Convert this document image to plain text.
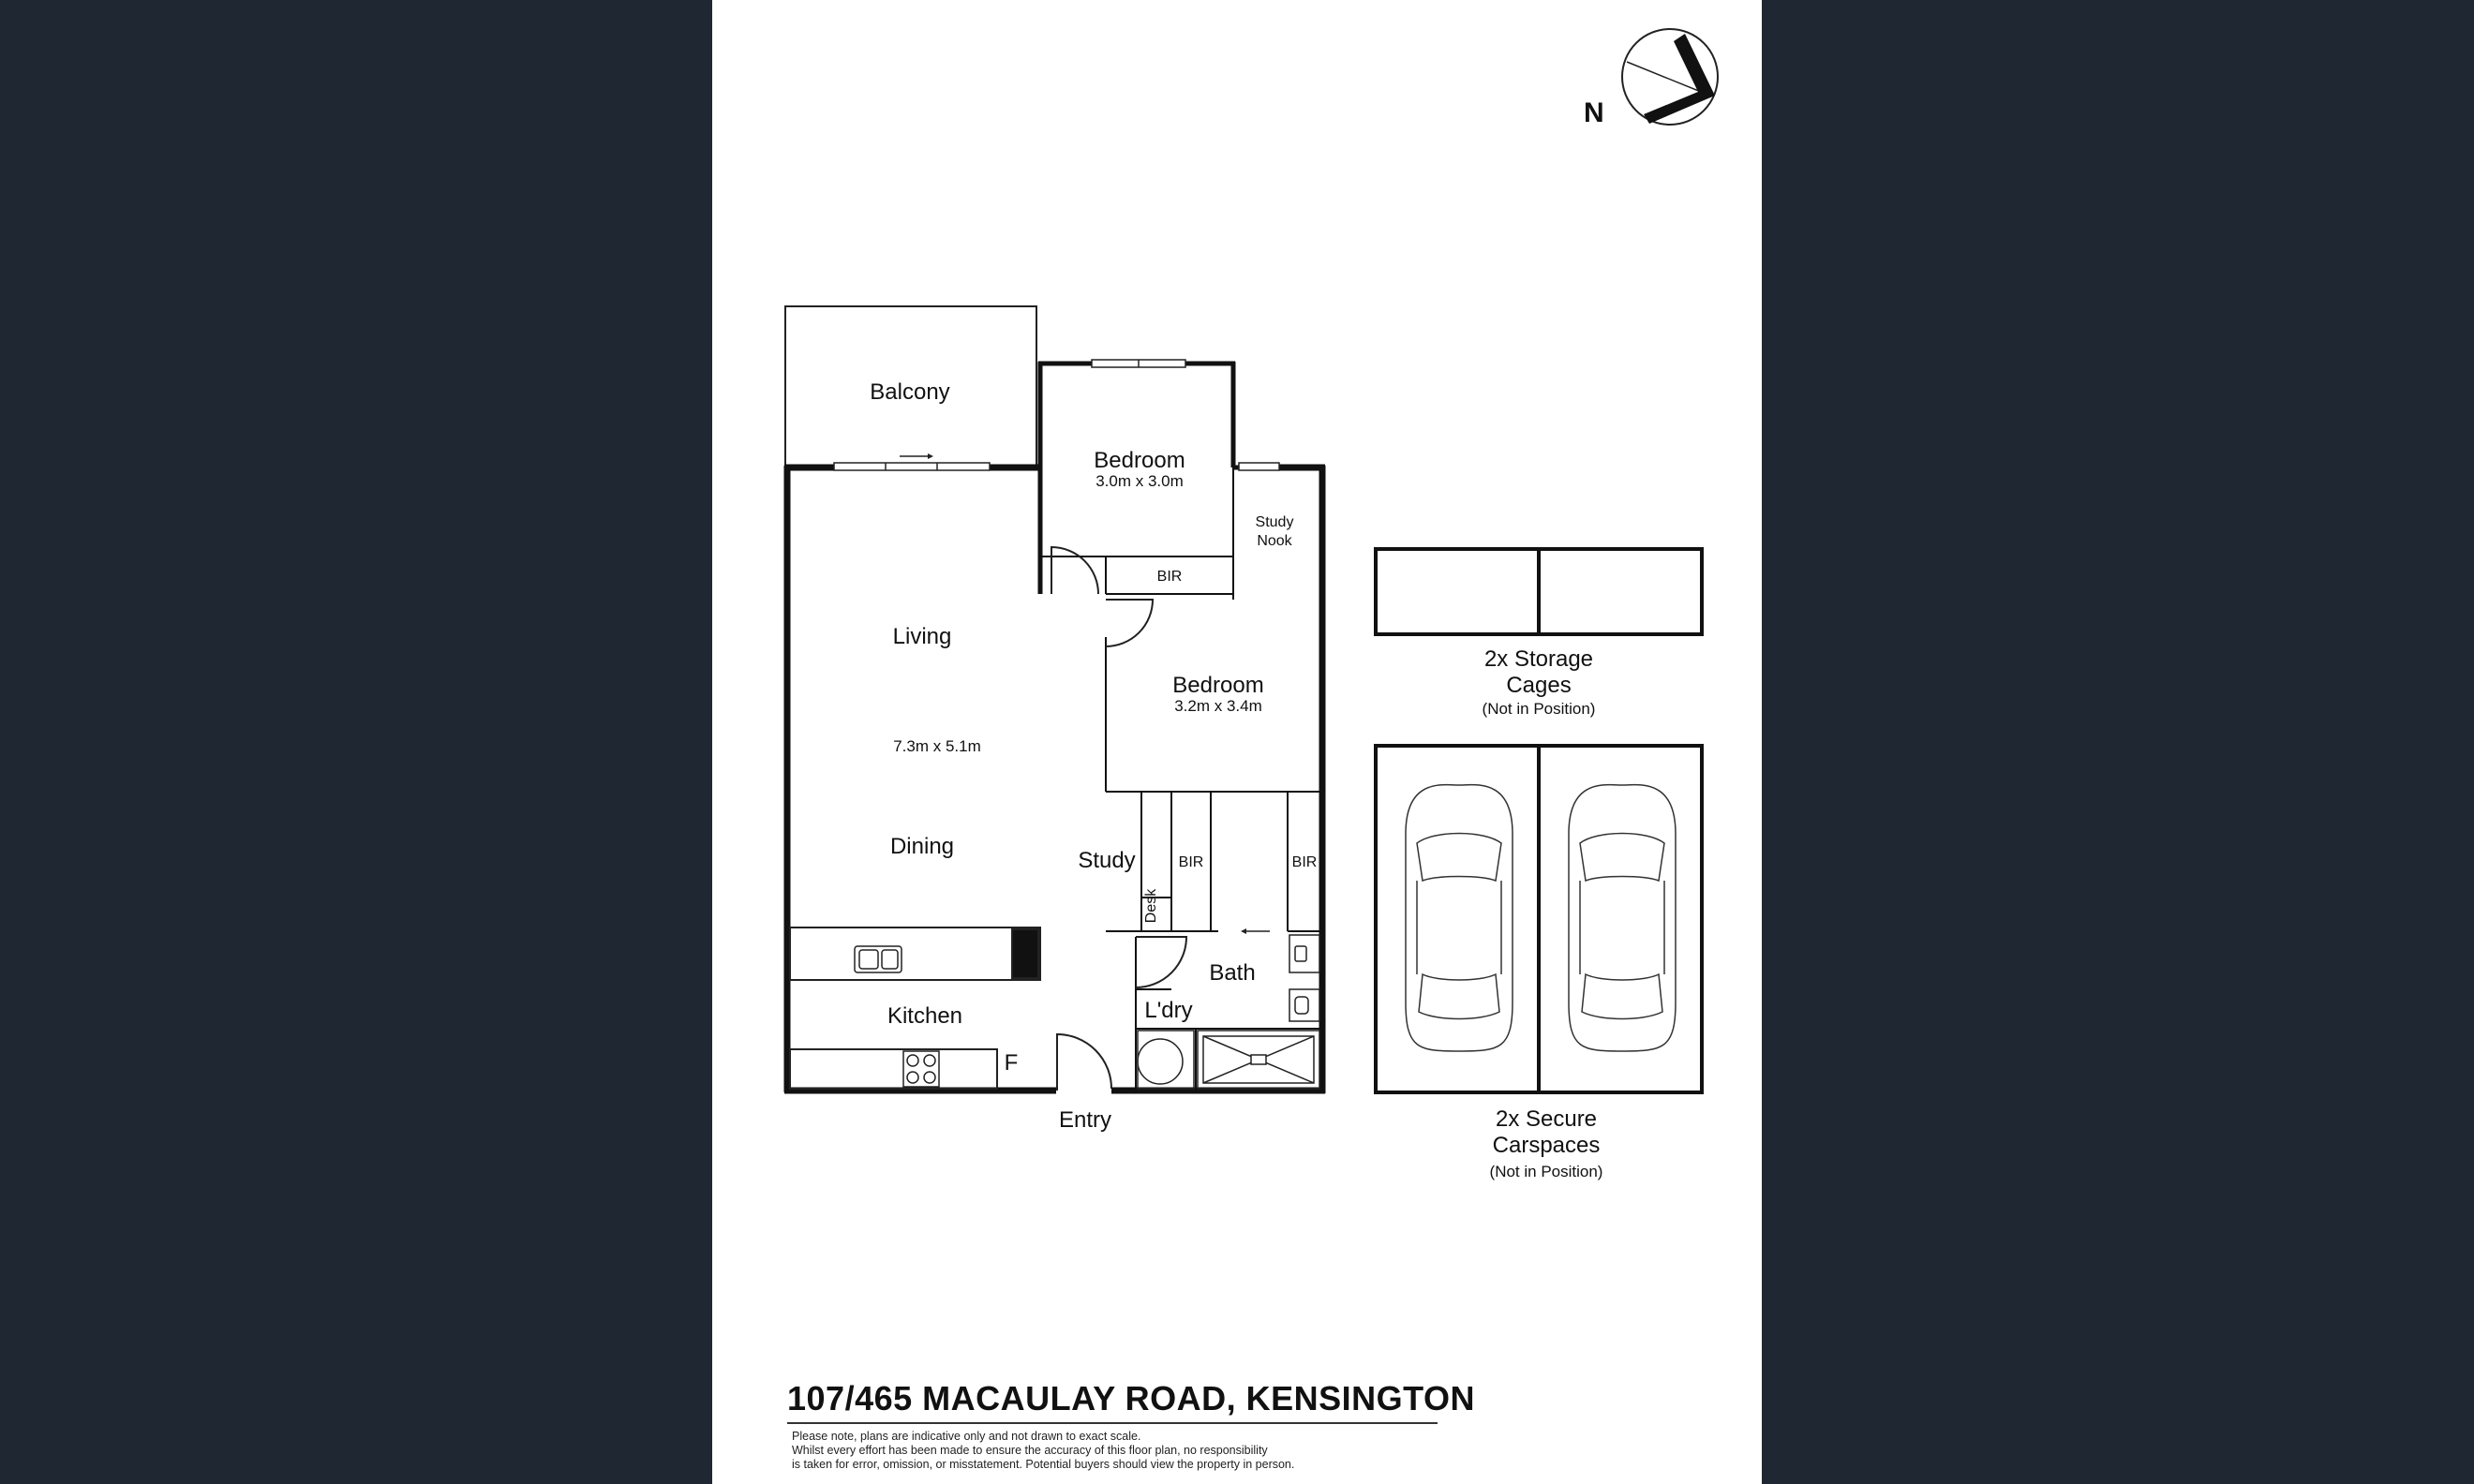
N
Balcony
Bedroom
3.0m x 3.0m
Study
Nook
BIR
Living
7.3m x 5.1m
Bedroom
3.2m x 3.4m
Dining
Study
Desk
BIR	BIR
Bath
Kitchen	L'dry
F
Entry
2x Storage
Cages
(Not in Position)
2x Secure
Carspaces
(Not in Position)
107/465 MACAULAY ROAD, KENSINGTON
Please note, plans are indicative only and not drawn to exact scale.
Whilst every effort has been made to ensure the accuracy of this floor plan, no responsibility
is taken for error, omission, or misstatement. Potential buyers should view the property in person.
